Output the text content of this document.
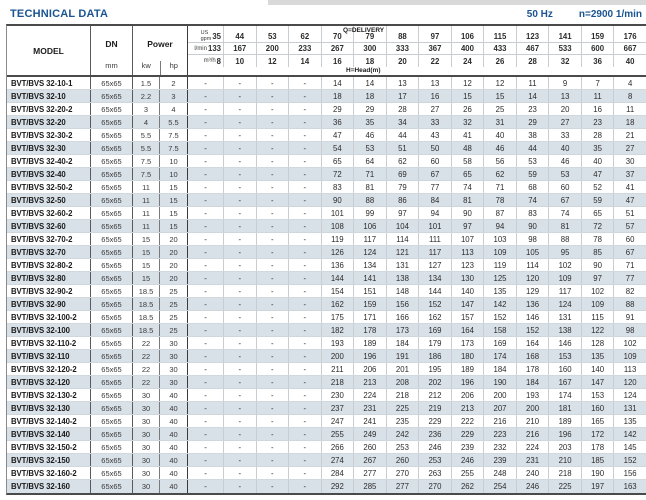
TECHNICAL DATA	50 Hz	n=2900 1/min
MODEL
DN
mm
Power
kw	hp
Q=DELIVERY
US
gpm 35	44	53	62	70	79	88	97	106	115	123	141	159	176
l/min 133	167	200	233	267	300	333	367	400	433	467	533	600	667
m³/h 8	10	12	14	16	18	20	22	24	26	28	32	36	40
H=Head(m)
BVT/BVS 32-10-1	65x65	1.5	2	-	-	-	-	14	14	13	13	12	12	11	9	7	4
BVT/BVS 32-10	65x65	2.2	3	-	-	-	-	18	18	17	16	15	15	14	13	11	8
BVT/BVS 32-20-2	65x65	3	4	-	-	-	-	29	29	28	27	26	25	23	20	16	11
BVT/BVS 32-20	65x65	4	5.5	-	-	-	-	36	35	34	33	32	31	29	27	23	18
BVT/BVS 32-30-2	65x65	5.5	7.5	-	-	-	-	47	46	44	43	41	40	38	33	28	21
BVT/BVS 32-30	65x65	5.5	7.5	-	-	-	-	54	53	51	50	48	46	44	40	35	27
BVT/BVS 32-40-2	65x65	7.5	10	-	-	-	-	65	64	62	60	58	56	53	46	40	30
BVT/BVS 32-40	65x65	7.5	10	-	-	-	-	72	71	69	67	65	62	59	53	47	37
BVT/BVS 32-50-2	65x65	11	15	-	-	-	-	83	81	79	77	74	71	68	60	52	41
BVT/BVS 32-50	65x65	11	15	-	-	-	-	90	88	86	84	81	78	74	67	59	47
BVT/BVS 32-60-2	65x65	11	15	-	-	-	-	101	99	97	94	90	87	83	74	65	51
BVT/BVS 32-60	65x65	11	15	-	-	-	-	108	106	104	101	97	94	90	81	72	57
BVT/BVS 32-70-2	65x65	15	20	-	-	-	-	119	117	114	111	107	103	98	88	78	60
BVT/BVS 32-70	65x65	15	20	-	-	-	-	126	124	121	117	113	109	105	95	85	67
BVT/BVS 32-80-2	65x65	15	20	-	-	-	-	136	134	131	127	123	119	114	102	90	71
BVT/BVS 32-80	65x65	15	20	-	-	-	-	144	141	138	134	130	125	120	109	97	77
BVT/BVS 32-90-2	65x65	18.5	25	-	-	-	-	154	151	148	144	140	135	129	117	102	82
BVT/BVS 32-90	65x65	18.5	25	-	-	-	-	162	159	156	152	147	142	136	124	109	88
BVT/BVS 32-100-2	65x65	18.5	25	-	-	-	-	175	171	166	162	157	152	146	131	115	91
BVT/BVS 32-100	65x65	18.5	25	-	-	-	-	182	178	173	169	164	158	152	138	122	98
BVT/BVS 32-110-2	65x65	22	30	-	-	-	-	193	189	184	179	173	169	164	146	128	102
BVT/BVS 32-110	65x65	22	30	-	-	-	-	200	196	191	186	180	174	168	153	135	109
BVT/BVS 32-120-2	65x65	22	30	-	-	-	-	211	206	201	195	189	184	178	160	140	113
BVT/BVS 32-120	65x65	22	30	-	-	-	-	218	213	208	202	196	190	184	167	147	120
BVT/BVS 32-130-2	65x65	30	40	-	-	-	-	230	224	218	212	206	200	193	174	153	124
BVT/BVS 32-130	65x65	30	40	-	-	-	-	237	231	225	219	213	207	200	181	160	131
BVT/BVS 32-140-2	65x65	30	40	-	-	-	-	247	241	235	229	222	216	210	189	165	135
BVT/BVS 32-140	65x65	30	40	-	-	-	-	255	249	242	236	229	223	216	196	172	142
BVT/BVS 32-150-2	65x65	30	40	-	-	-	-	266	260	253	246	239	232	224	203	178	145
BVT/BVS 32-150	65x65	30	40	-	-	-	-	274	267	260	253	246	239	231	210	185	152
BVT/BVS 32-160-2	65x65	30	40	-	-	-	-	284	277	270	263	255	248	240	218	190	156
BVT/BVS 32-160	65x65	30	40	-	-	-	-	292	285	277	270	262	254	246	225	197	163
